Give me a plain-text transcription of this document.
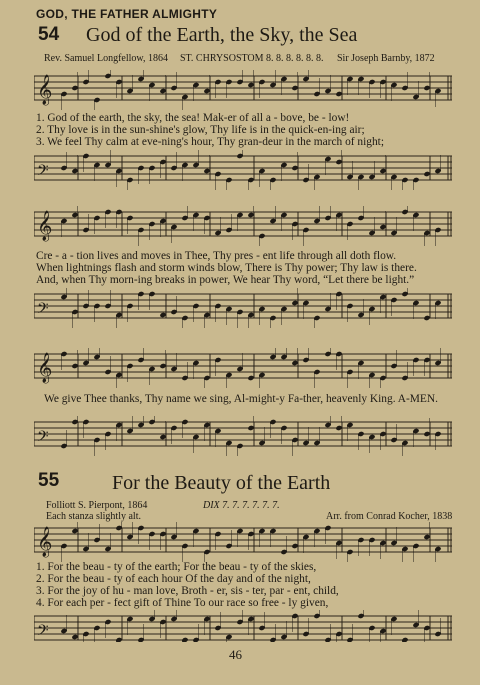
GOD, THE FATHER ALMIGHTY
54 God of the Earth, the Sky, the Sea
Rev. Samuel Longfellow, 1864 ST. CHRYSOSTOM 8. 8. 8. 8. 8. 8. Sir Joseph Barnby, 1872
𝄞
1. God of the earth, the sky, the sea! Mak-er of all a - bove, be - low!
2. Thy love is in the sun-shine's glow, Thy life is in the quick-en-ing air;
3. We feel Thy calm at eve-ning's hour, Thy gran-deur in the march of night;
𝄢
𝄞
Cre - a - tion lives and moves in Thee, Thy pres - ent life through all doth flow.
When lightnings flash and storm winds blow, There is Thy power; Thy law is there.
And, when Thy morn-ing breaks in power, We hear Thy word, “Let there be light.”
𝄢
𝄞
We give Thee thanks, Thy name we sing, Al-might-y Fa-ther, heavenly King. A-MEN.
𝄢
55	For the Beauty of the Earth
Folliott S. Pierpont, 1864	DIX 7. 7. 7. 7. 7. 7.
Each stanza slightly alt.	Arr. from Conrad Kocher, 1838
𝄞
1. For the beau - ty of the earth; For the beau - ty of the skies,
2. For the beau - ty of each hour Of the day and of the night,
3. For the joy of hu - man love, Broth - er, sis - ter, par - ent, child,
4. For each per - fect gift of Thine To our race so free - ly given,
𝄢
46
